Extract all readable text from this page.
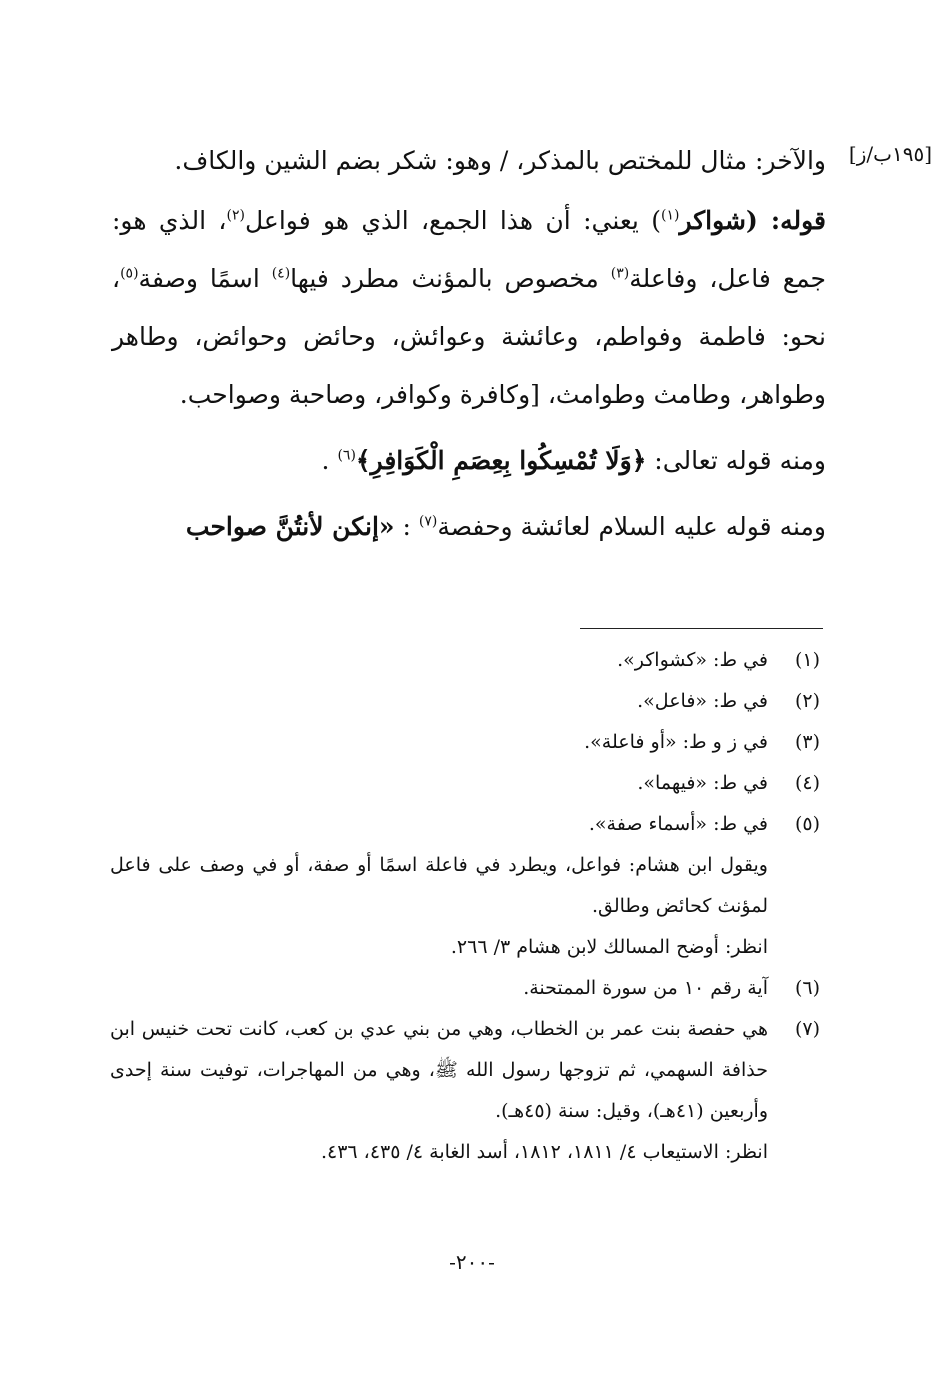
[١٩٥ب/ز]

والآخر: مثال للمختص بالمذكر، / وهو: شكر بضم الشين والكاف.

قوله: (شواكر$^{(١)}$) يعني: أن هذا الجمع، الذي هو فواعل$^{(٢)}$، الذي هو: جمع فاعل، وفاعلة$^{(٣)}$ مخصوص بالمؤنث مطرد فيها$^{(٤)}$ اسمًا وصفة$^{(٥)}$، نحو: فاطمة وفواطم، وعائشة وعوائش، وحائض وحوائض، وطاهر وطواهر، وطامث وطوامث، [وكافرة وكوافر، وصاحبة وصواحب.

ومنه قوله تعالى: ﴿وَلَا تُمْسِكُوا بِعِصَمِ الْكَوَافِرِ﴾$^{(٦)}$ .

ومنه قوله عليه السلام لعائشة وحفصة$^{(٧)}$ : «إنكن لأنتُنَّ صواحب

(١)
في ط: «كشواكر».
(٢)
في ط: «فاعل».
(٣)
في ز و ط: «أو فاعلة».
(٤)
في ط: «فيهما».
(٥)
في ط: «أسماء صفة».
ويقول ابن هشام: فواعل، ويطرد في فاعلة اسمًا أو صفة، أو في وصف على فاعل لمؤنث كحائض وطالق.
انظر: أوضح المسالك لابن هشام ٣/ ٢٦٦.
(٦)
آية رقم ١٠ من سورة الممتحنة.
(٧)
هي حفصة بنت عمر بن الخطاب، وهي من بني عدي بن كعب، كانت تحت خنيس ابن حذافة السهمي، ثم تزوجها رسول الله ﷺ، وهي من المهاجرات، توفيت سنة إحدى وأربعين (٤١هـ)، وقيل: سنة (٤٥هـ).
انظر: الاستيعاب ٤/ ١٨١١، ١٨١٢، أسد الغابة ٤/ ٤٣٥، ٤٣٦.
-٢٠٠-
